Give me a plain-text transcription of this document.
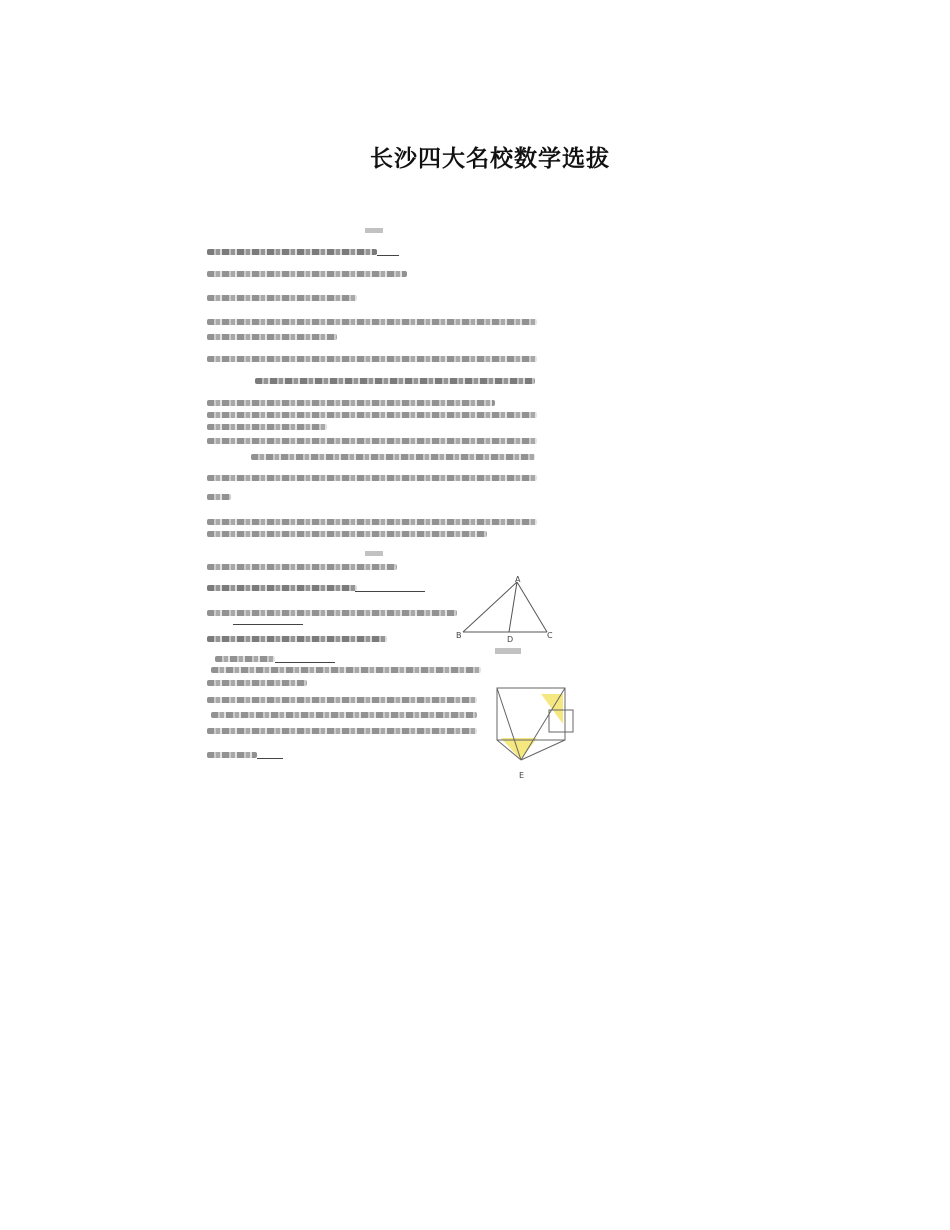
长沙四大名校数学选拔
A
B	D	C
E
